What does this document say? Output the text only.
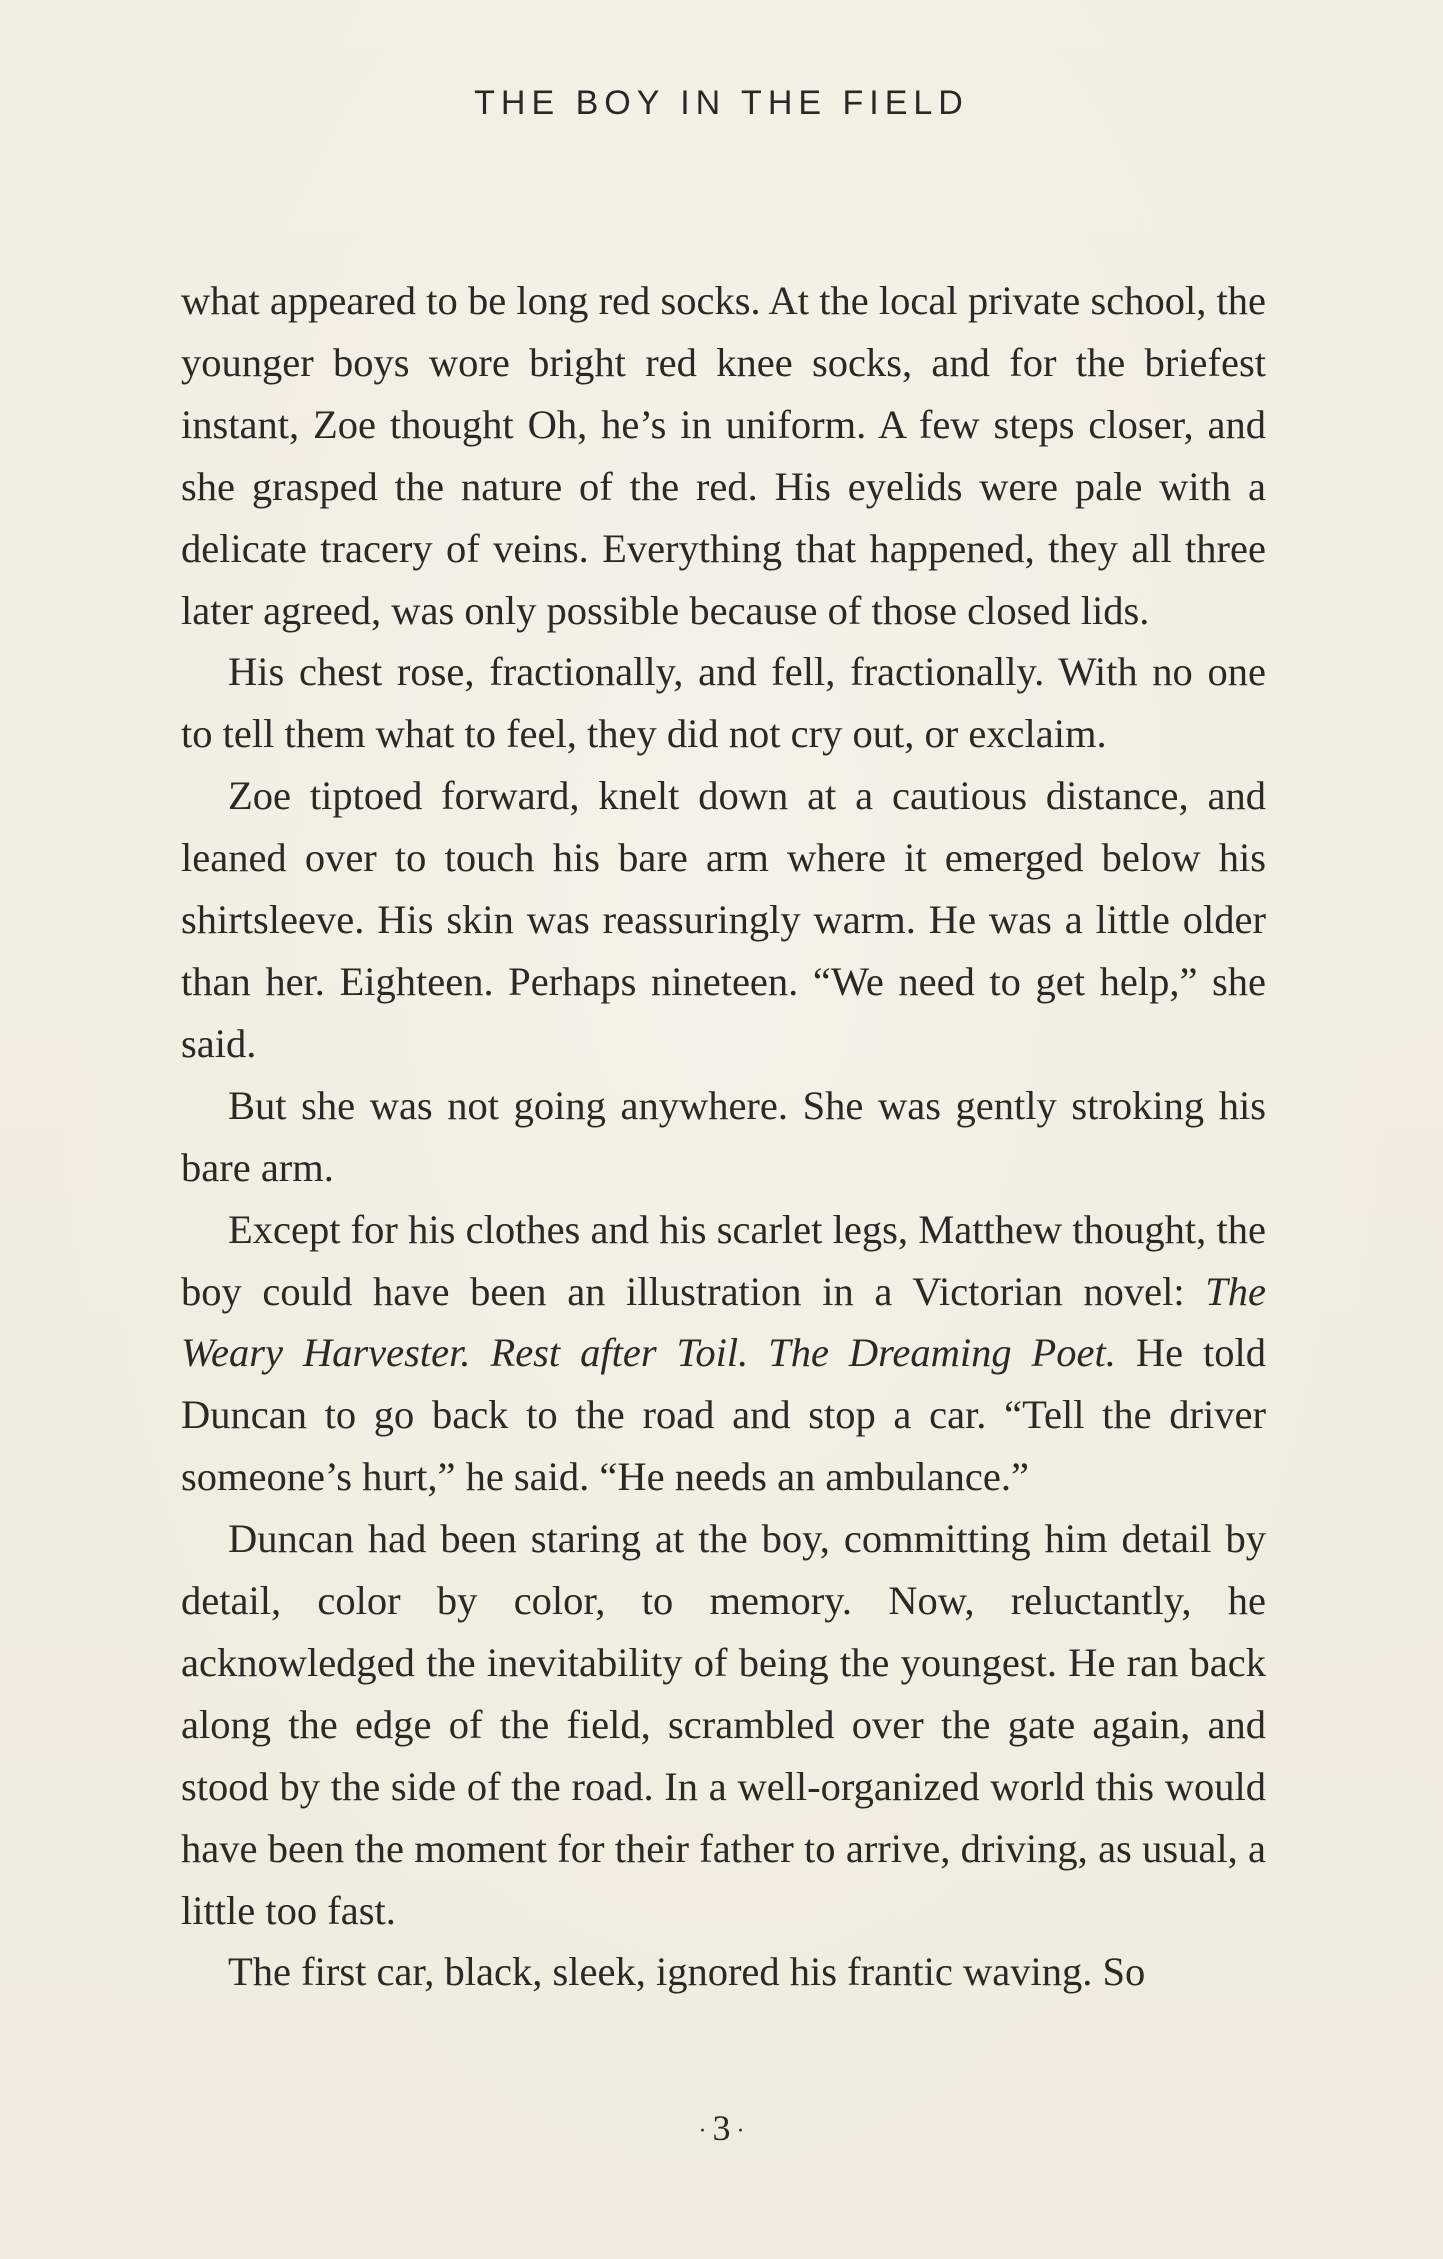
THE BOY IN THE FIELD

what appeared to be long red socks. At the local private school, the younger boys wore bright red knee socks, and for the briefest instant, Zoe thought Oh, he’s in uniform. A few steps closer, and she grasped the nature of the red. His eyelids were pale with a delicate tracery of veins. Everything that happened, they all three later agreed, was only possible because of those closed lids.

His chest rose, fractionally, and fell, fractionally. With no one to tell them what to feel, they did not cry out, or exclaim.

Zoe tiptoed forward, knelt down at a cautious distance, and leaned over to touch his bare arm where it emerged below his shirtsleeve. His skin was reassuringly warm. He was a little older than her. Eighteen. Perhaps nineteen. “We need to get help,” she said.

But she was not going anywhere. She was gently stroking his bare arm.

Except for his clothes and his scarlet legs, Matthew thought, the boy could have been an illustration in a Victorian novel: The Weary Harvester. Rest after Toil. The Dreaming Poet. He told Duncan to go back to the road and stop a car. “Tell the driver someone’s hurt,” he said. “He needs an ambulance.”

Duncan had been staring at the boy, committing him detail by detail, color by color, to memory. Now, reluctantly, he acknowledged the inevitability of being the youngest. He ran back along the edge of the field, scrambled over the gate again, and stood by the side of the road. In a well-organized world this would have been the moment for their father to arrive, driving, as usual, a little too fast.

The first car, black, sleek, ignored his frantic waving. So

· 3 ·
